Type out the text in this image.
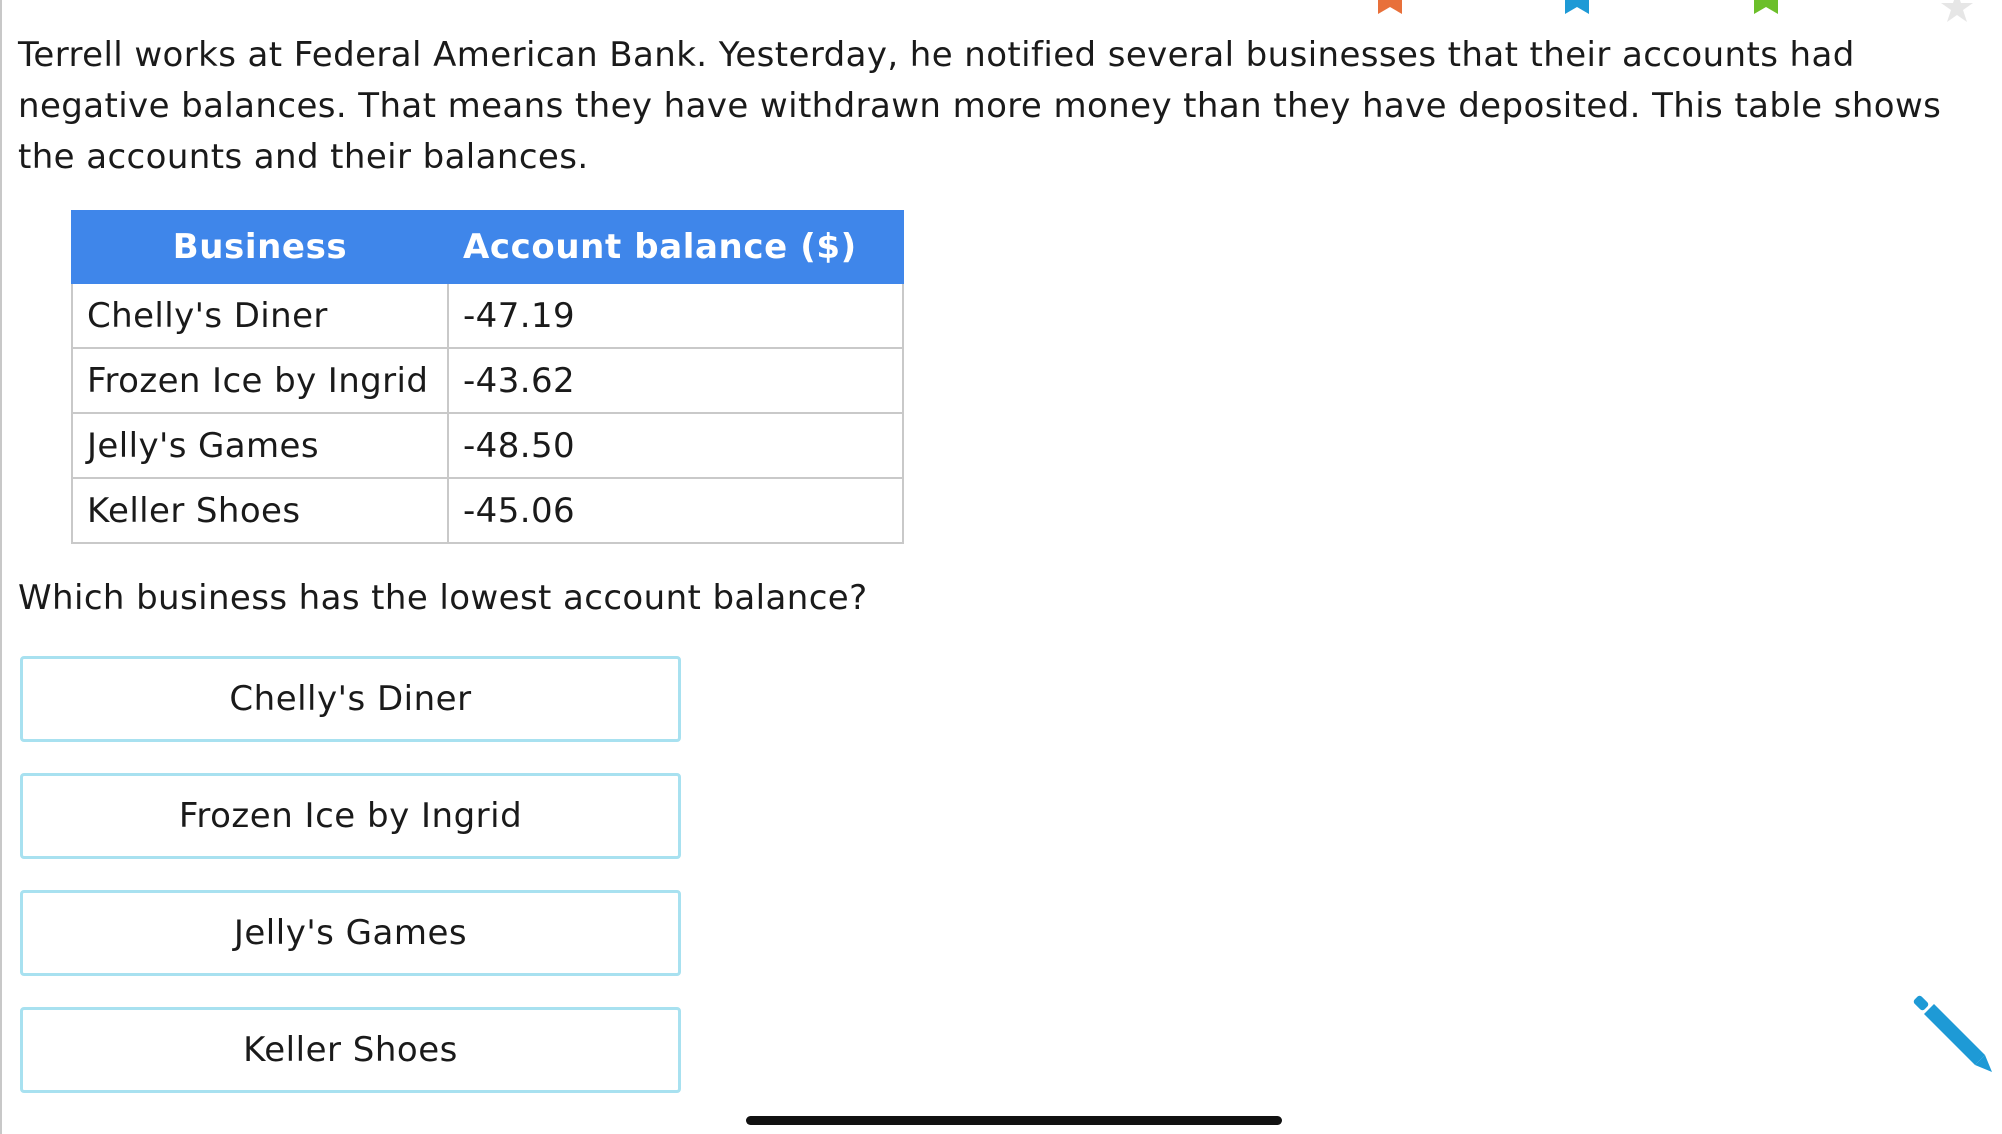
Terrell works at Federal American Bank. Yesterday, he notified several businesses that their accounts had negative balances. That means they have withdrawn more money than they have deposited. This table shows the accounts and their balances.

Business	Account balance ($)
Chelly's Diner	-47.19
Frozen Ice by Ingrid	-43.62
Jelly's Games	-48.50
Keller Shoes	-45.06

Which business has the lowest account balance?

Chelly's Diner
Frozen Ice by Ingrid
Jelly's Games
Keller Shoes
